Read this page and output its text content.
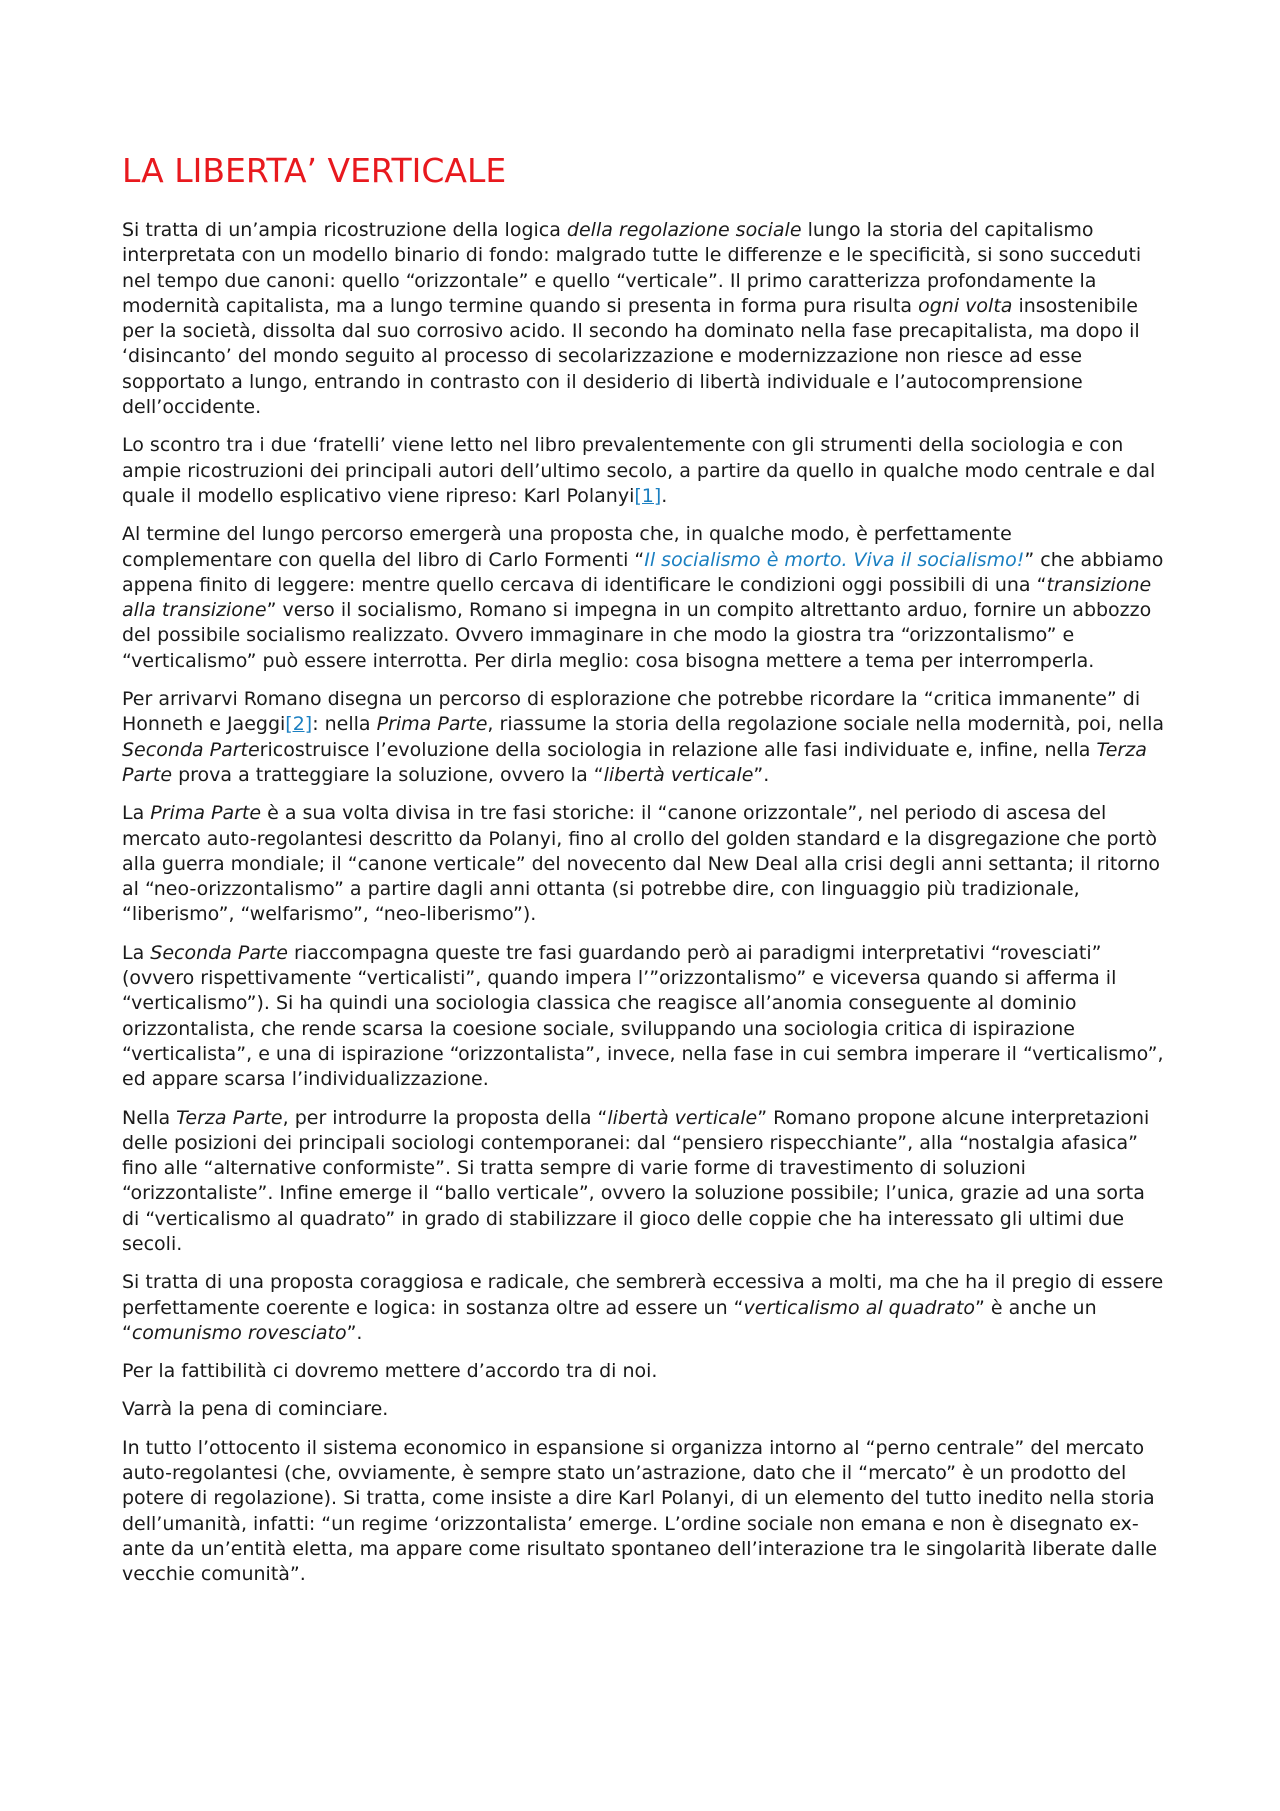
LA LIBERTA’ VERTICALE

Si tratta di un’ampia ricostruzione della logica della regolazione sociale lungo la storia del capitalismo interpretata con un modello binario di fondo: malgrado tutte le differenze e le specificità, si sono succeduti nel tempo due canoni: quello “orizzontale” e quello “verticale”. Il primo caratterizza profondamente la modernità capitalista, ma a lungo termine quando si presenta in forma pura risulta ogni volta insostenibile per la società, dissolta dal suo corrosivo acido. Il secondo ha dominato nella fase precapitalista, ma dopo il ‘disincanto’ del mondo seguito al processo di secolarizzazione e modernizzazione non riesce ad esse sopportato a lungo, entrando in contrasto con il desiderio di libertà individuale e l’autocomprensione dell’occidente.

Lo scontro tra i due ‘fratelli’ viene letto nel libro prevalentemente con gli strumenti della sociologia e con ampie ricostruzioni dei principali autori dell’ultimo secolo, a partire da quello in qualche modo centrale e dal quale il modello esplicativo viene ripreso: Karl Polanyi[1].

Al termine del lungo percorso emergerà una proposta che, in qualche modo, è perfettamente complementare con quella del libro di Carlo Formenti “Il socialismo è morto. Viva il socialismo!” che abbiamo appena finito di leggere: mentre quello cercava di identificare le condizioni oggi possibili di una “transizione alla transizione” verso il socialismo, Romano si impegna in un compito altrettanto arduo, fornire un abbozzo del possibile socialismo realizzato. Ovvero immaginare in che modo la giostra tra “orizzontalismo” e “verticalismo” può essere interrotta. Per dirla meglio: cosa bisogna mettere a tema per interromperla.

Per arrivarvi Romano disegna un percorso di esplorazione che potrebbe ricordare la “critica immanente” di Honneth e Jaeggi[2]: nella Prima Parte, riassume la storia della regolazione sociale nella modernità, poi, nella Seconda Partericostruisce l’evoluzione della sociologia in relazione alle fasi individuate e, infine, nella Terza Parte prova a tratteggiare la soluzione, ovvero la “libertà verticale”.

La Prima Parte è a sua volta divisa in tre fasi storiche: il “canone orizzontale”, nel periodo di ascesa del mercato auto-regolantesi descritto da Polanyi, fino al crollo del golden standard e la disgregazione che portò alla guerra mondiale; il “canone verticale” del novecento dal New Deal alla crisi degli anni settanta; il ritorno al “neo-orizzontalismo” a partire dagli anni ottanta (si potrebbe dire, con linguaggio più tradizionale, “liberismo”, “welfarismo”, “neo-liberismo”).

La Seconda Parte riaccompagna queste tre fasi guardando però ai paradigmi interpretativi “rovesciati” (ovvero rispettivamente “verticalisti”, quando impera l’”orizzontalismo” e viceversa quando si afferma il “verticalismo”). Si ha quindi una sociologia classica che reagisce all’anomia conseguente al dominio orizzontalista, che rende scarsa la coesione sociale, sviluppando una sociologia critica di ispirazione “verticalista”, e una di ispirazione “orizzontalista”, invece, nella fase in cui sembra imperare il “verticalismo”, ed appare scarsa l’individualizzazione.

Nella Terza Parte, per introdurre la proposta della “libertà verticale” Romano propone alcune interpretazioni delle posizioni dei principali sociologi contemporanei: dal “pensiero rispecchiante”, alla “nostalgia afasica” fino alle “alternative conformiste”. Si tratta sempre di varie forme di travestimento di soluzioni “orizzontaliste”. Infine emerge il “ballo verticale”, ovvero la soluzione possibile; l’unica, grazie ad una sorta di “verticalismo al quadrato” in grado di stabilizzare il gioco delle coppie che ha interessato gli ultimi due secoli.

Si tratta di una proposta coraggiosa e radicale, che sembrerà eccessiva a molti, ma che ha il pregio di essere perfettamente coerente e logica: in sostanza oltre ad essere un “verticalismo al quadrato” è anche un “comunismo rovesciato”.

Per la fattibilità ci dovremo mettere d’accordo tra di noi.

Varrà la pena di cominciare.

In tutto l’ottocento il sistema economico in espansione si organizza intorno al “perno centrale” del mercato auto-regolantesi (che, ovviamente, è sempre stato un’astrazione, dato che il “mercato” è un prodotto del potere di regolazione). Si tratta, come insiste a dire Karl Polanyi, di un elemento del tutto inedito nella storia dell’umanità, infatti: “un regime ‘orizzontalista’ emerge. L’ordine sociale non emana e non è disegnato ex-ante da un’entità eletta, ma appare come risultato spontaneo dell’interazione tra le singolarità liberate dalle vecchie comunità”.
